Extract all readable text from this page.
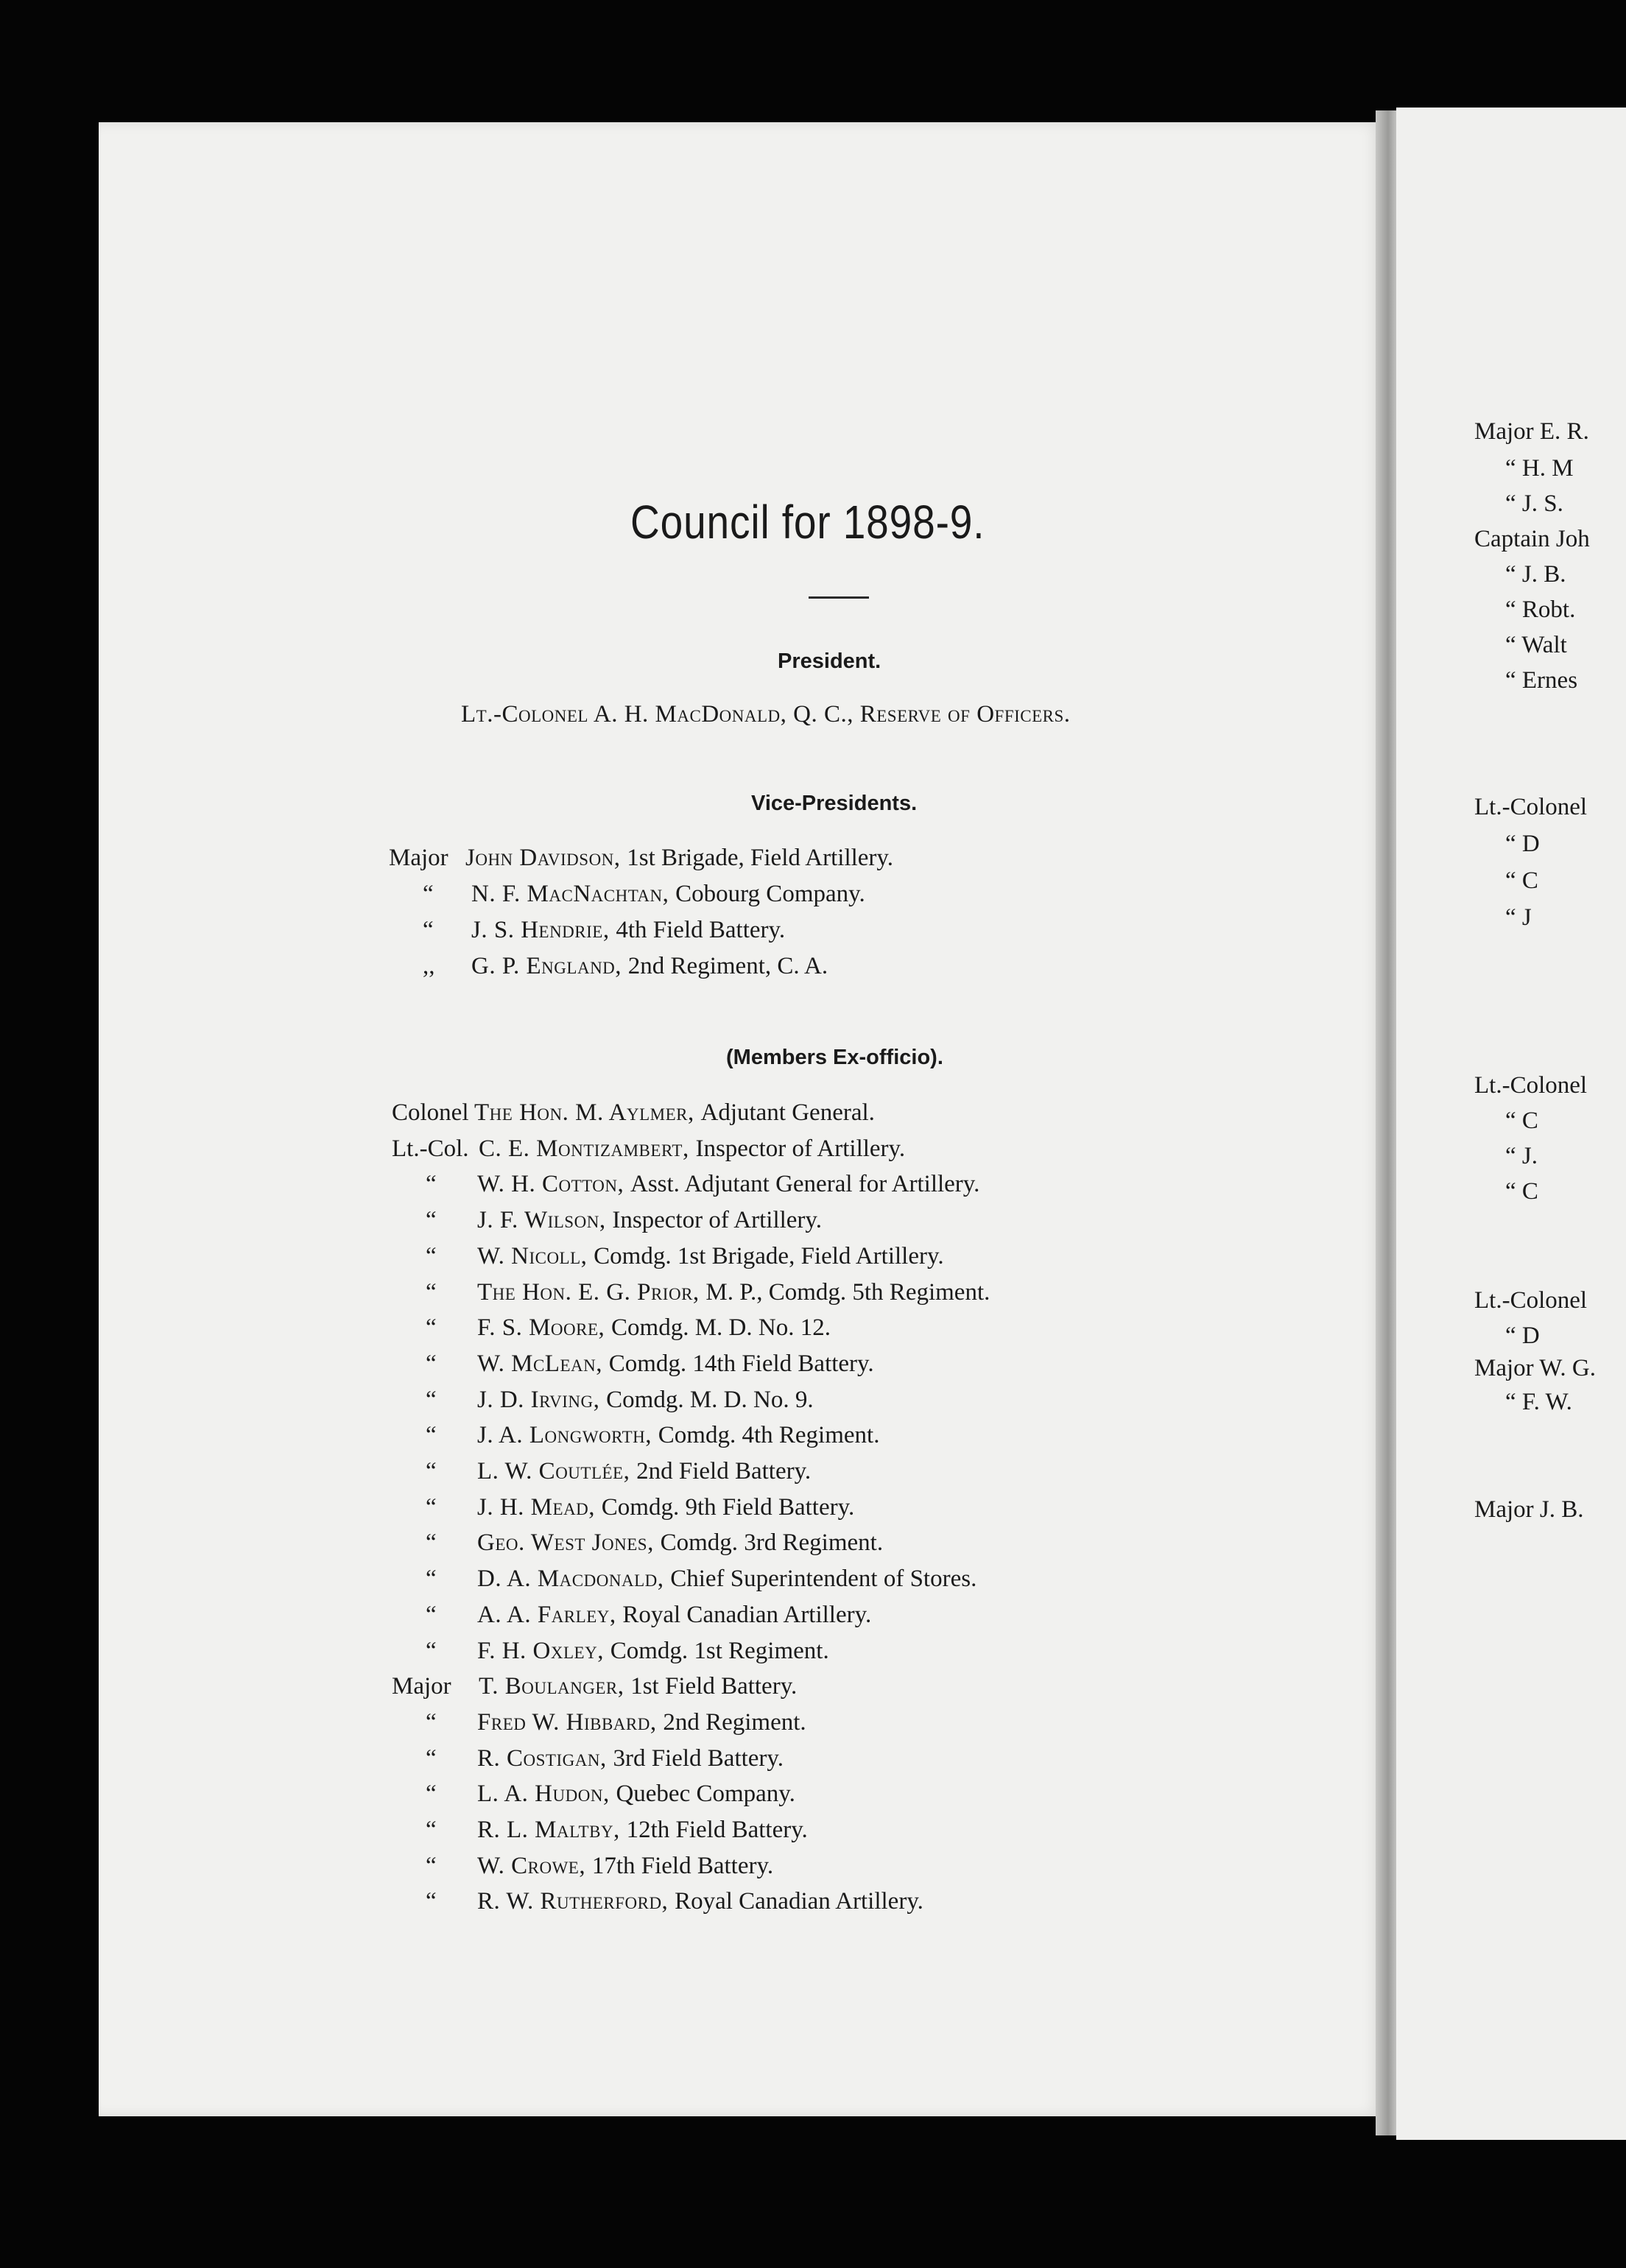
Council for 1898-9.
President.
Lt.-Colonel A. H. MacDonald, Q. C., Reserve of Officers.
Vice-Presidents.
Major John Davidson, 1st Brigade, Field Artillery.
“ N. F. MacNachtan, Cobourg Company.
“ J. S. Hendrie, 4th Field Battery.
,, G. P. England, 2nd Regiment, C. A.
(Members Ex-officio).
Colonel The Hon. M. Aylmer, Adjutant General.
Lt.-Col. C. E. Montizambert, Inspector of Artillery.
“ W. H. Cotton, Asst. Adjutant General for Artillery.
“ J. F. Wilson, Inspector of Artillery.
“ W. Nicoll, Comdg. 1st Brigade, Field Artillery.
“ The Hon. E. G. Prior, M. P., Comdg. 5th Regiment.
“ F. S. Moore, Comdg. M. D. No. 12.
“ W. McLean, Comdg. 14th Field Battery.
“ J. D. Irving, Comdg. M. D. No. 9.
“ J. A. Longworth, Comdg. 4th Regiment.
“ L. W. Coutlée, 2nd Field Battery.
“ J. H. Mead, Comdg. 9th Field Battery.
“ Geo. West Jones, Comdg. 3rd Regiment.
“ D. A. Macdonald, Chief Superintendent of Stores.
“ A. A. Farley, Royal Canadian Artillery.
“ F. H. Oxley, Comdg. 1st Regiment.
Major T. Boulanger, 1st Field Battery.
“ Fred W. Hibbard, 2nd Regiment.
“ R. Costigan, 3rd Field Battery.
“ L. A. Hudon, Quebec Company.
“ R. L. Maltby, 12th Field Battery.
“ W. Crowe, 17th Field Battery.
“ R. W. Rutherford, Royal Canadian Artillery.
Major E. R.
“ H. M
“ J. S.
Captain Joh
“ J. B.
“ Robt.
“ Walt
“ Ernes
Lt.-Colonel
“ D
“ C
“ J
Lt.-Colonel
“ C
“ J.
“ C
Lt.-Colonel
“ D
Major W. G.
“ F. W.
Major J. B.
